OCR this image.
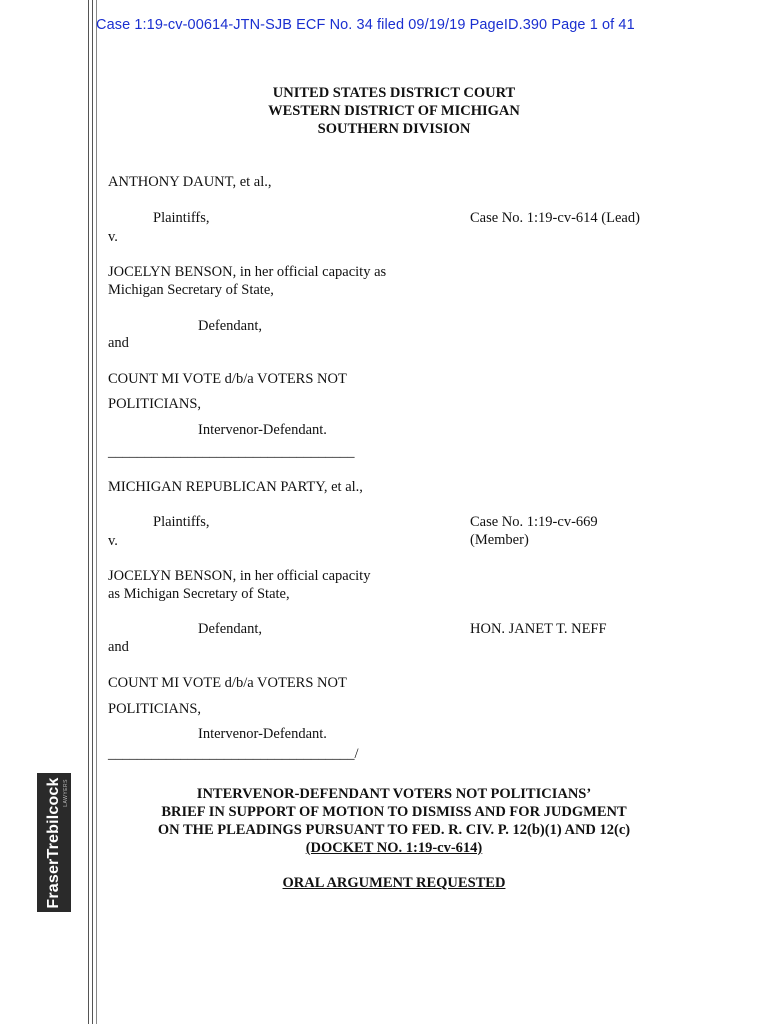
Case 1:19-cv-00614-JTN-SJB ECF No. 34 filed 09/19/19 PageID.390 Page 1 of 41
UNITED STATES DISTRICT COURT
WESTERN DISTRICT OF MICHIGAN
SOUTHERN DIVISION
ANTHONY DAUNT, et al.,
Plaintiffs,	Case No. 1:19-cv-614 (Lead)
v.
JOCELYN BENSON, in her official capacity as
Michigan Secretary of State,
Defendant,
and
COUNT MI VOTE d/b/a VOTERS NOT
POLITICIANS,
Intervenor-Defendant.
__________________________________
MICHIGAN REPUBLICAN PARTY, et al.,
Plaintiffs,	Case No. 1:19-cv-669
v.	(Member)
JOCELYN BENSON, in her official capacity
as Michigan Secretary of State,
Defendant,	HON. JANET T. NEFF
and
COUNT MI VOTE d/b/a VOTERS NOT
POLITICIANS,
Intervenor-Defendant.
__________________________________/
INTERVENOR-DEFENDANT VOTERS NOT POLITICIANS’
BRIEF IN SUPPORT OF MOTION TO DISMISS AND FOR JUDGMENT
ON THE PLEADINGS PURSUANT TO FED. R. CIV. P. 12(b)(1) AND 12(c)
(DOCKET NO. 1:19-cv-614)
ORAL ARGUMENT REQUESTED
FraserTrebilcock LAWYERS
